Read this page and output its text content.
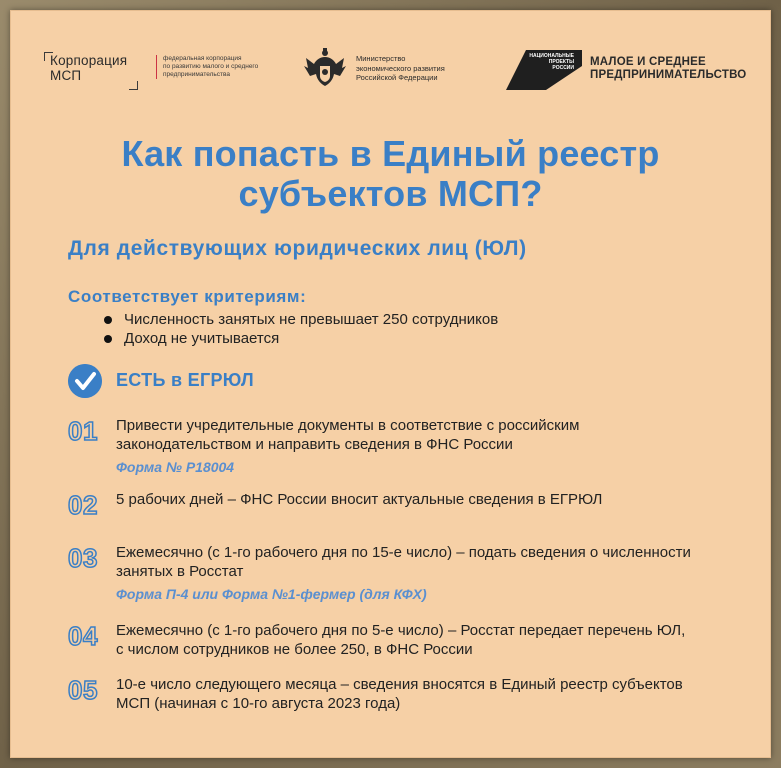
Корпорация
МСП
федеральная корпорация
по развитию малого и среднего
предпринимательства
Министерство
экономического развития
Российской Федерации
НАЦИОНАЛЬНЫЕ
ПРОЕКТЫ
РОССИИ МАЛОЕ И СРЕДНЕЕ
ПРЕДПРИНИМАТЕЛЬСТВО
Как попасть в Единый реестр
субъектов МСП?
Для действующих юридических лиц (ЮЛ)
Соответствует критериям:
Численность занятых не превышает 250 сотрудников
Доход не учитывается
ЕСТЬ в ЕГРЮЛ
01 Привести учредительные документы в соответствие с российским законодательством и направить сведения в ФНС России
Форма № Р18004
02 5 рабочих дней – ФНС России вносит актуальные сведения в ЕГРЮЛ
03 Ежемесячно (с 1-го рабочего дня по 15-е число) – подать сведения о численности занятых в Росстат
Форма П-4 или Форма №1-фермер (для КФХ)
04 Ежемесячно (с 1-го рабочего дня по 5-е число) – Росстат передает перечень ЮЛ, с числом сотрудников не более 250, в ФНС России
05 10-е число следующего месяца – сведения вносятся в Единый реестр субъектов МСП (начиная с 10-го августа 2023 года)
